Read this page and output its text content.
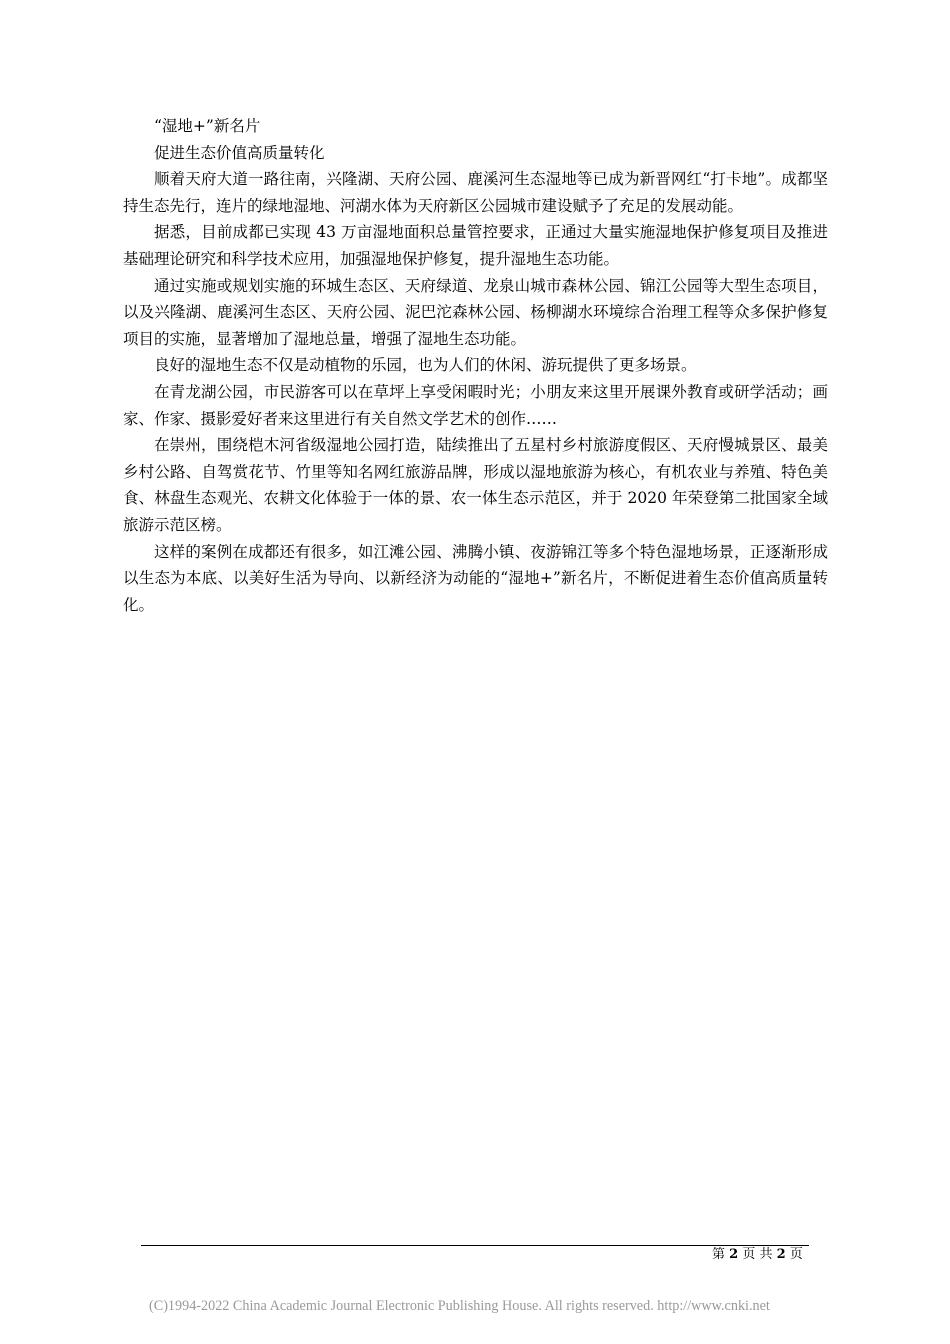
“湿地+”新名片

促进生态价值高质量转化

顺着天府大道一路往南，兴隆湖、天府公园、鹿溪河生态湿地等已成为新晋网红“打卡地”。成都坚持生态先行，连片的绿地湿地、河湖水体为天府新区公园城市建设赋予了充足的发展动能。

据悉，目前成都已实现 43 万亩湿地面积总量管控要求，正通过大量实施湿地保护修复项目及推进基础理论研究和科学技术应用，加强湿地保护修复，提升湿地生态功能。

通过实施或规划实施的环城生态区、天府绿道、龙泉山城市森林公园、锦江公园等大型生态项目，以及兴隆湖、鹿溪河生态区、天府公园、泥巴沱森林公园、杨柳湖水环境综合治理工程等众多保护修复项目的实施，显著增加了湿地总量，增强了湿地生态功能。

良好的湿地生态不仅是动植物的乐园，也为人们的休闲、游玩提供了更多场景。

在青龙湖公园，市民游客可以在草坪上享受闲暇时光；小朋友来这里开展课外教育或研学活动；画家、作家、摄影爱好者来这里进行有关自然文学艺术的创作……

在崇州，围绕桤木河省级湿地公园打造，陆续推出了五星村乡村旅游度假区、天府慢城景区、最美乡村公路、自驾赏花节、竹里等知名网红旅游品牌，形成以湿地旅游为核心，有机农业与养殖、特色美食、林盘生态观光、农耕文化体验于一体的景、农一体生态示范区，并于 2020 年荣登第二批国家全域旅游示范区榜。

这样的案例在成都还有很多，如江滩公园、沸腾小镇、夜游锦江等多个特色湿地场景，正逐渐形成以生态为本底、以美好生活为导向、以新经济为动能的“湿地+”新名片，不断促进着生态价值高质量转化。

第 2 页 共 2 页
(C)1994-2022 China Academic Journal Electronic Publishing House. All rights reserved. http://www.cnki.net
